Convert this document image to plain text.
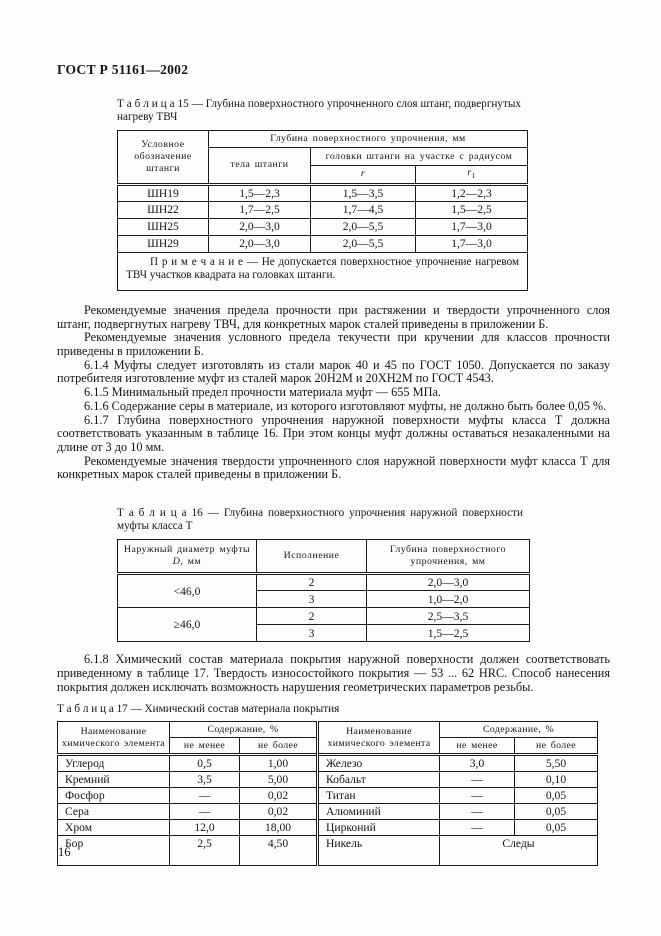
ГОСТ Р 51161—2002
Т а б л и ц а 15 — Глубина поверхностного упрочненного слоя штанг, подвергнутых нагреву ТВЧ
Условное обозначение штанги	Глубина поверхностного упрочнения, мм		
	тела штанги	головки штанги на участке с радиусом	
		r	$r_1$
ШН19	1,5—2,3	1,5—3,5	1,2—2,3
ШН22	1,7—2,5	1,7—4,5	1,5—2,5
ШН25	2,0—3,0	2,0—5,5	1,7—3,0
ШН29	2,0—3,0	2,0—5,5	1,7—3,0
П р и м е ч а н и е — Не допускается поверхностное упрочнение нагревом ТВЧ участков квадрата на головках штанги.			

Рекомендуемые значения предела прочности при растяжении и твердости упрочненного слоя штанг, подвергнутых нагреву ТВЧ, для конкретных марок сталей приведены в приложении Б.

Рекомендуемые значения условного предела текучести при кручении для классов прочности приведены в приложении Б.

6.1.4 Муфты следует изготовлять из стали марок 40 и 45 по ГОСТ 1050. Допускается по заказу потребителя изготовление муфт из сталей марок 20Н2М и 20ХН2М по ГОСТ 4543.

6.1.5 Минимальный предел прочности материала муфт — 655 МПа.

6.1.6 Содержание серы в материале, из которого изготовляют муфты, не должно быть более 0,05 %.

6.1.7 Глубина поверхностного упрочнения наружной поверхности муфты класса Т должна соответствовать указанным в таблице 16. При этом концы муфт должны оставаться незакаленными на длине от 3 до 10 мм.

Рекомендуемые значения твердости упрочненного слоя наружной поверхности муфт класса Т для конкретных марок сталей приведены в приложении Б.

Т а б л и ц а 16 — Глубина поверхностного упрочнения наружной поверхности муфты класса Т
Наружный диаметр муфты
D, мм	Исполнение	Глубина поверхностного упрочнения, мм
<46,0	2	2,0—3,0
	3	1,0—2,0
≥46,0	2	2,5—3,5
	3	1,5—2,5

6.1.8 Химический состав материала покрытия наружной поверхности должен соответствовать приведенному в таблице 17. Твердость износостойкого покрытия — 53 ... 62 HRC. Способ нанесения покрытия должен исключать возможность нарушения геометрических параметров резьбы.

Т а б л и ц а 17 — Химический состав материала покрытия
Наименование химического элемента	Содержание, %		Наименование химического элемента	Содержание, %	
	не менее	не более		не менее	не более
Углерод	0,5	1,00	Железо	3,0	5,50
Кремний	3,5	5,00	Кобальт	—	0,10
Фосфор	—	0,02	Титан	—	0,05
Сера	—	0,02	Алюминий	—	0,05
Хром	12,0	18,00	Цирконий	—	0,05
Бор	2,5	4,50	Никель	Следы	
16
